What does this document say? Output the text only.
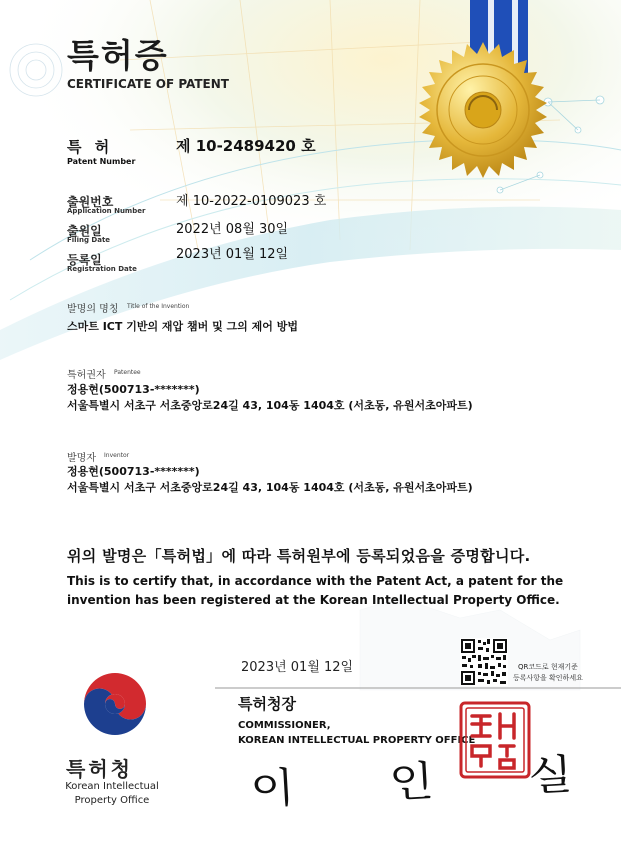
특허증
CERTIFICATE OF PATENT
특 허
Patent Number
제 10-2489420 호
출원번호
Application Number
제 10-2022-0109023 호
출원일
Filing Date
2022년 08월 30일
등록일
Registration Date
2023년 01월 12일
발명의 명칭 Title of the Invention
스마트 ICT 기반의 재압 챔버 및 그의 제어 방법
특허권자 Patentee
정용현(500713-*******)
서울특별시 서초구 서초중앙로24길 43, 104동 1404호 (서초동, 유원서초아파트)
발명자 Inventor
정용현(500713-*******)
서울특별시 서초구 서초중앙로24길 43, 104동 1404호 (서초동, 유원서초아파트)
위의 발명은「특허법」에 따라 특허원부에 등록되었음을 증명합니다.
This is to certify that, in accordance with the Patent Act, a patent for the invention has been registered at the Korean Intellectual Property Office.
2023년 01월 12일	QR코드로 현재기준
등록사항을 확인하세요
특허청장
COMMISSIONER,
KOREAN INTELLECTUAL PROPERTY OFFICE
이 인 실
특허청
Korean Intellectual
Property Office
